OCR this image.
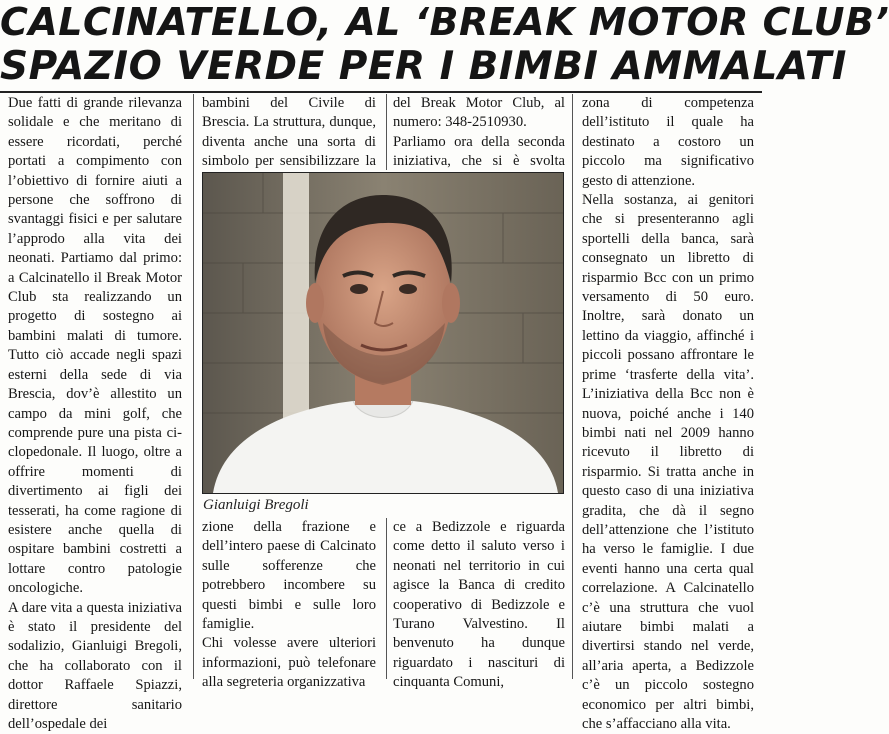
CALCINATELLO, AL ‘BREAK MOTOR CLUB’
SPAZIO VERDE PER I BIMBI AMMALATI

Due fatti di grande rilevanza solidale e che meritano di essere ricordati, perché portati a compimento con l’obiettivo di fornire aiuti a persone che soffrono di svantaggi fisici e per salutare l’approdo alla vita dei neonati. Partiamo dal primo: a Calcinatello il Break Motor Club sta realizzando un progetto di sostegno ai bambini malati di tumore. Tutto ciò accade negli spazi esterni della sede di via Brescia, dov’è allestito un campo da mini golf, che comprende pure una pista ci-clopedonale. Il luogo, oltre a offrire momenti di divertimento ai figli dei tesserati, ha come ragione di esistere anche quella di ospitare bambini costretti a lottare contro patologie oncologiche.

A dare vita a questa iniziativa è stato il presidente del sodalizio, Gianluigi Bregoli, che ha collaborato con il dottor Raffaele Spiazzi, direttore sanitario dell’ospedale dei

bambini del Civile di Brescia. La struttura, dunque, diventa anche una sorta di simbolo per sensibilizzare la

del Break Motor Club, al numero: 348-2510930.

Parliamo ora della seconda iniziativa, che si è svolta

Gianluigi Bregoli

zione della frazione e dell’intero paese di Calcinato sulle sofferenze che potrebbero incombere su questi bimbi e sulle loro famiglie.

Chi volesse avere ulteriori informazioni, può telefonare alla segreteria organizzativa

ce a Bedizzole e riguarda come detto il saluto verso i neonati nel territorio in cui agisce la Banca di credito cooperativo di Bedizzole e Turano Valvestino. Il benvenuto ha dunque riguardato i nascituri di cinquanta Comuni,

zona di competenza dell’istituto il quale ha destinato a costoro un piccolo ma significativo gesto di attenzione.

Nella sostanza, ai genitori che si presenteranno agli sportelli della banca, sarà consegnato un libretto di risparmio Bcc con un primo versamento di 50 euro. Inoltre, sarà donato un lettino da viaggio, affinché i piccoli possano affrontare le prime ‘trasferte della vita’. L’iniziativa della Bcc non è nuova, poiché anche i 140 bimbi nati nel 2009 hanno ricevuto il libretto di risparmio. Si tratta anche in questo caso di una iniziativa gradita, che dà il segno dell’attenzione che l’istituto ha verso le famiglie. I due eventi hanno una certa qual correlazione. A Calcinatello c’è una struttura che vuol aiutare bimbi malati a divertirsi stando nel verde, all’aria aperta, a Bedizzole c’è un piccolo sostegno economico per altri bimbi, che s’affacciano alla vita.
